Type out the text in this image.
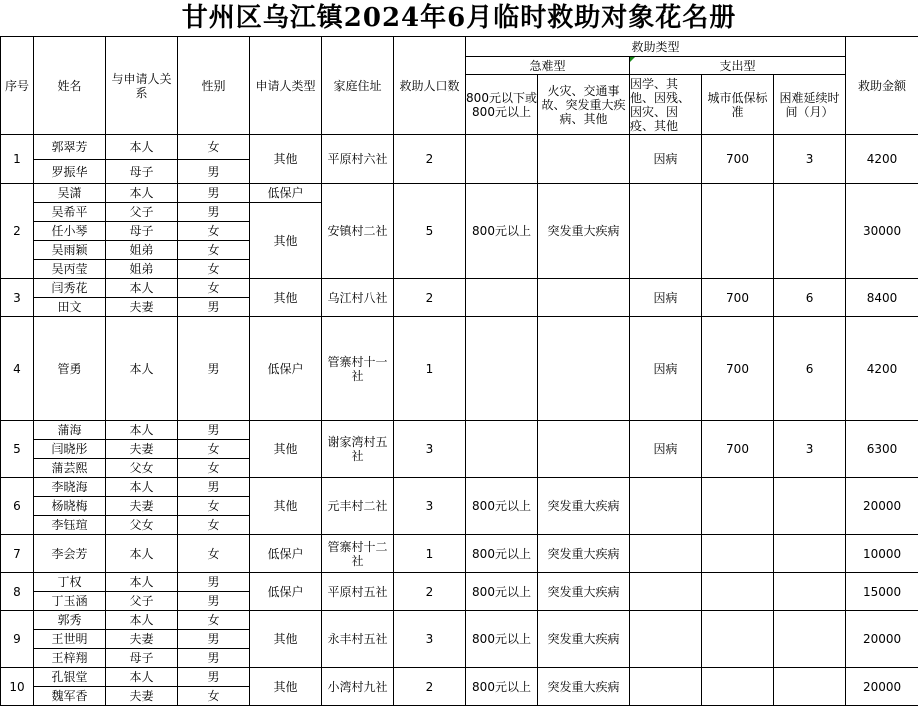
甘州区乌江镇2024年6月临时救助对象花名册
序号	姓名	与申请人关系	性别	申请人类型	家庭住址	救助人口数	救助类型					救助金额
							急难型		支出型			
							800元以下或800元以上	火灾、交通事故、突发重大疾病、其他	因学、其他、因残、因灾、因疫、其他	城市低保标准	困难延续时间（月）	
1	郭翠芳	本人	女	其他	平原村六社	2			因病	700	3	4200
	罗振华	母子	男									
2	吴潇	本人	男	低保户	安镇村二社	5	800元以上	突发重大疾病				30000
	吴希平	父子	男	其他								
	任小琴	母子	女									
	吴雨颖	姐弟	女									
	吴丙莹	姐弟	女									
3	闫秀花	本人	女	其他	乌江村八社	2			因病	700	6	8400
	田文	夫妻	男									
4	管勇	本人	男	低保户	管寨村十一社	1			因病	700	6	4200
5	蒲海	本人	男	其他	谢家湾村五社	3			因病	700	3	6300
	闫晓彤	夫妻	女									
	蒲芸熙	父女	女									
6	李晓海	本人	男	其他	元丰村二社	3	800元以上	突发重大疾病				20000
	杨晓梅	夫妻	女									
	李钰瑄	父女	女									
7	李会芳	本人	女	低保户	管寨村十二社	1	800元以上	突发重大疾病				10000
8	丁权	本人	男	低保户	平原村五社	2	800元以上	突发重大疾病				15000
	丁玉涵	父子	男									
9	郭秀	本人	女	其他	永丰村五社	3	800元以上	突发重大疾病				20000
	王世明	夫妻	男									
	王梓翔	母子	男									
10	孔银堂	本人	男	其他	小湾村九社	2	800元以上	突发重大疾病				20000
	魏军香	夫妻	女									
